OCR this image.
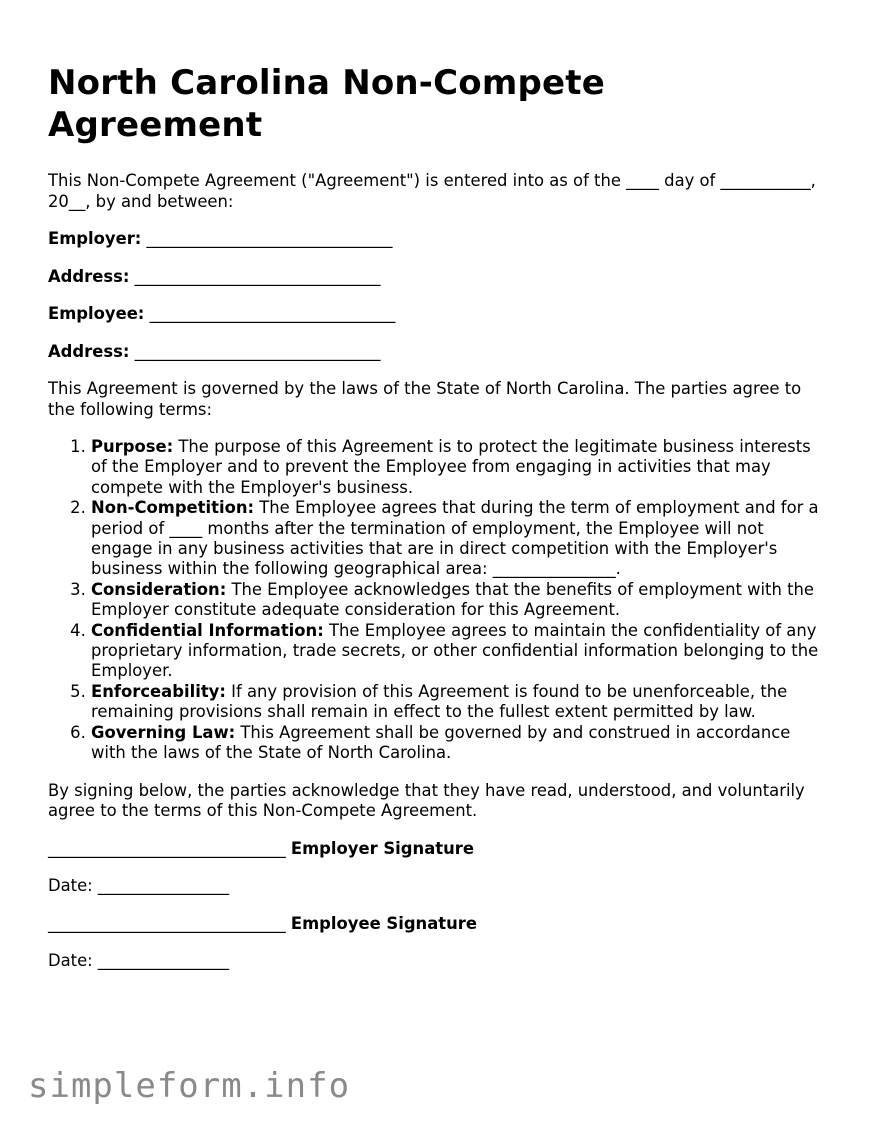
North Carolina Non-Compete Agreement

This Non-Compete Agreement ("Agreement") is entered into as of the ____ day of ___________, 20__, by and between:

Employer: ______________________________
Address: ______________________________
Employee: ______________________________
Address: ______________________________

This Agreement is governed by the laws of the State of North Carolina. The parties agree to the following terms:

1. Purpose: The purpose of this Agreement is to protect the legitimate business interests of the Employer and to prevent the Employee from engaging in activities that may compete with the Employer's business.
2. Non-Competition: The Employee agrees that during the term of employment and for a period of ____ months after the termination of employment, the Employee will not engage in any business activities that are in direct competition with the Employer's business within the following geographical area: _______________.
3. Consideration: The Employee acknowledges that the benefits of employment with the Employer constitute adequate consideration for this Agreement.
4. Confidential Information: The Employee agrees to maintain the confidentiality of any proprietary information, trade secrets, or other confidential information belonging to the Employer.
5. Enforceability: If any provision of this Agreement is found to be unenforceable, the remaining provisions shall remain in effect to the fullest extent permitted by law.
6. Governing Law: This Agreement shall be governed by and construed in accordance with the laws of the State of North Carolina.

By signing below, the parties acknowledge that they have read, understood, and voluntarily agree to the terms of this Non-Compete Agreement.

_____________________________ Employer Signature
Date: ________________
_____________________________ Employee Signature
Date: ________________
simpleform.info
